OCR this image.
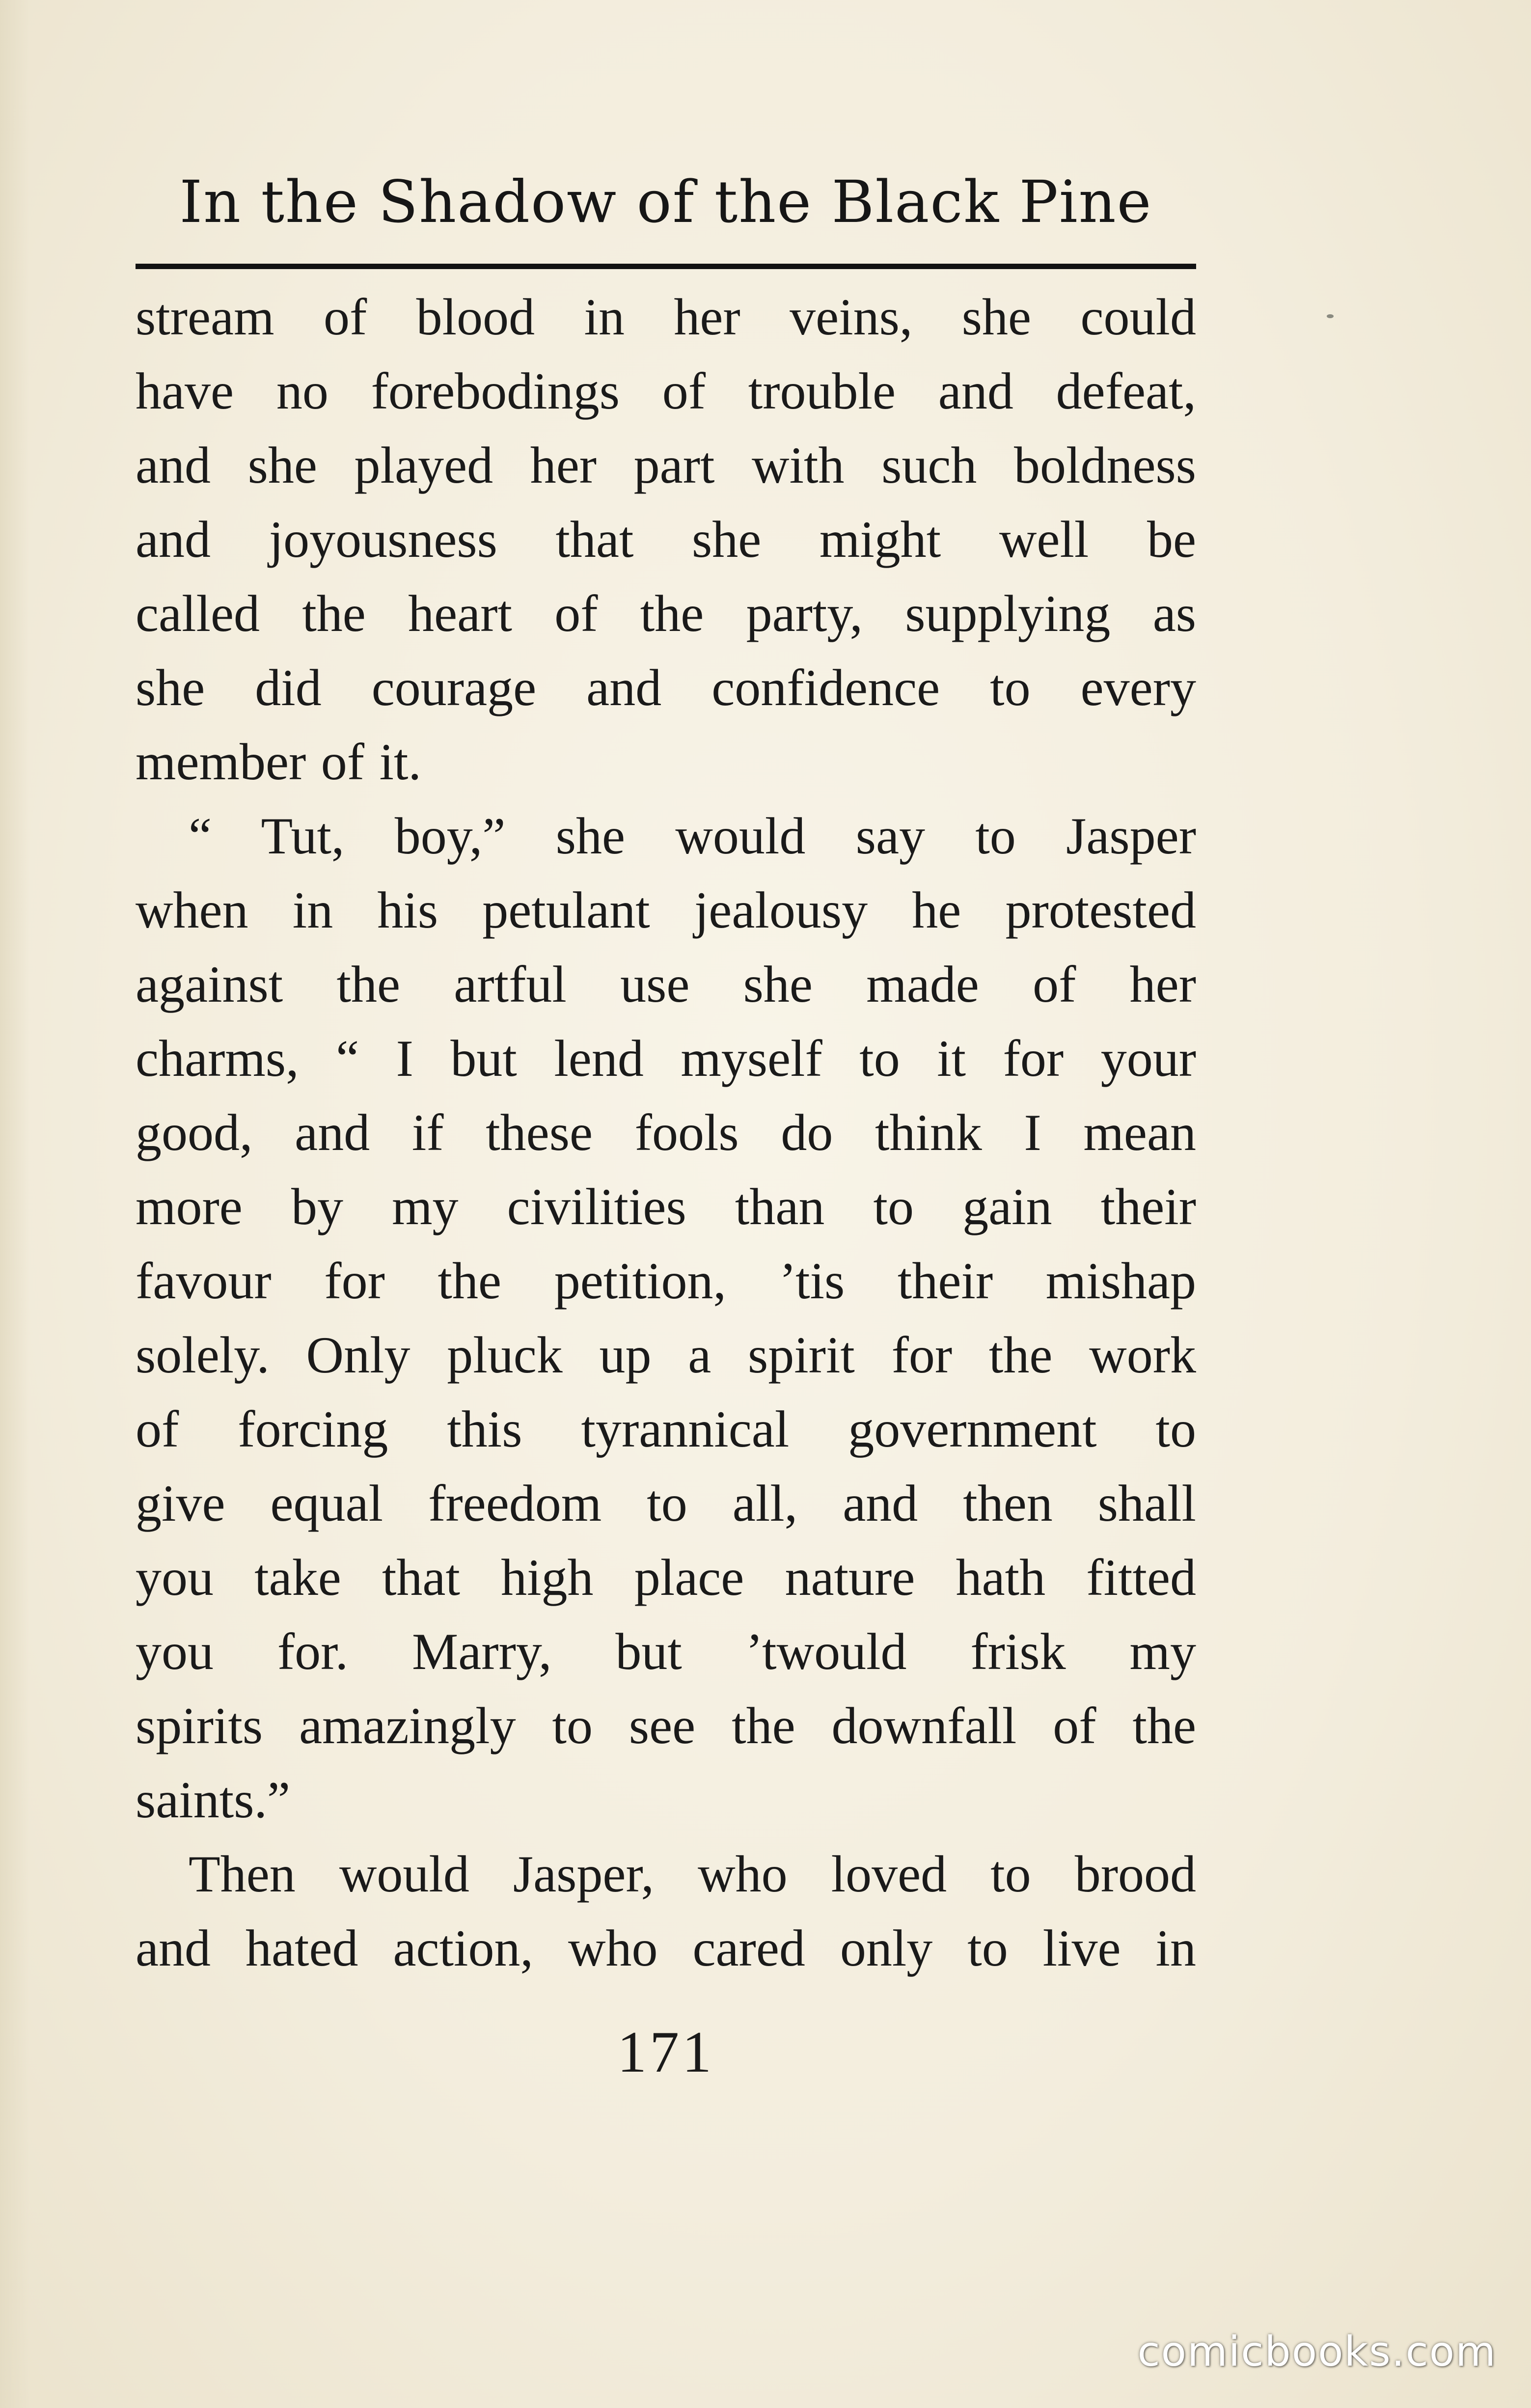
In the Shadow of the Black Pine
stream of blood in her veins, she could
have no forebodings of trouble and defeat,
and she played her part with such boldness
and joyousness that she might well be
called the heart of the party, supplying as
she did courage and confidence to every
member of it.
“ Tut, boy,” she would say to Jasper
when in his petulant jealousy he protested
against the artful use she made of her
charms, “ I but lend myself to it for your
good, and if these fools do think I mean
more by my civilities than to gain their
favour for the petition, ’tis their mishap
solely. Only pluck up a spirit for the work
of forcing this tyrannical government to
give equal freedom to all, and then shall
you take that high place nature hath fitted
you for. Marry, but ’twould frisk my
spirits amazingly to see the downfall of the
saints.”
Then would Jasper, who loved to brood
and hated action, who cared only to live in
171
comicbooks.com
